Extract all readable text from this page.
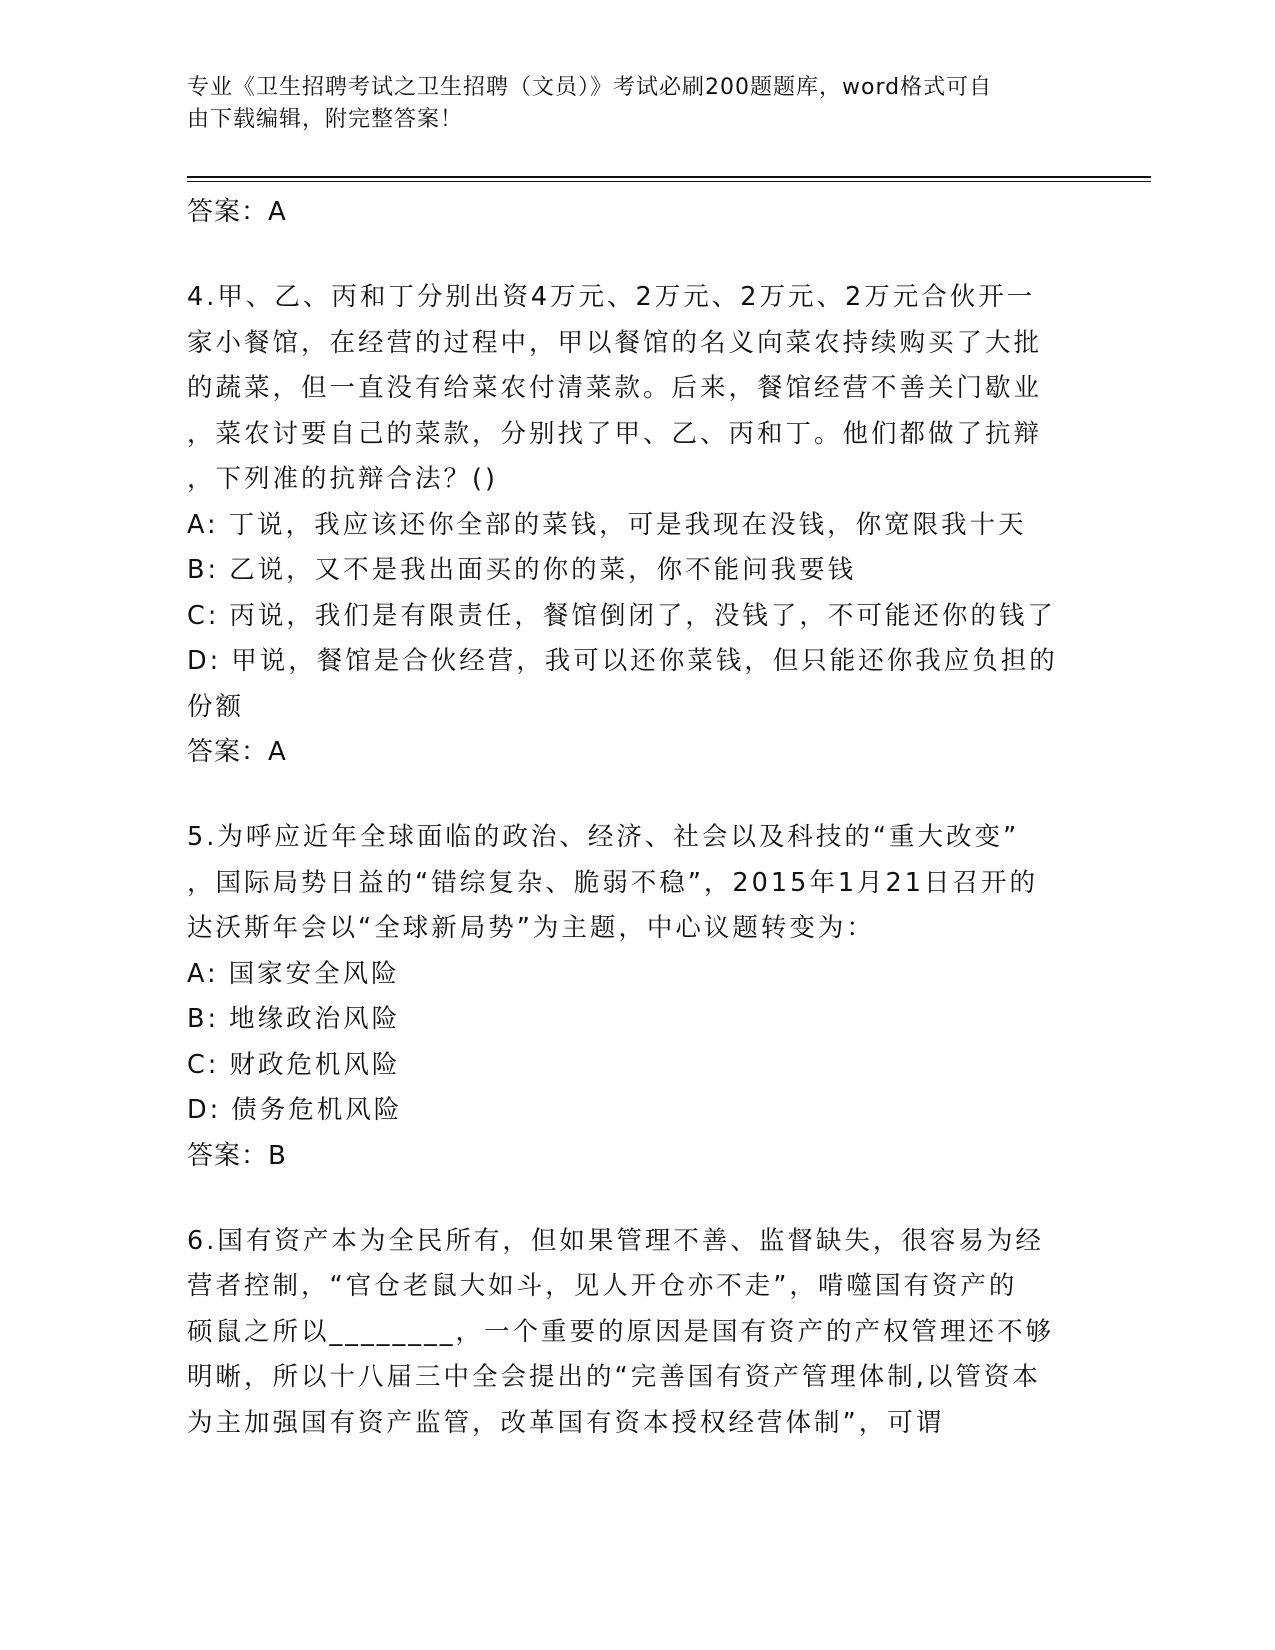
专业《卫生招聘考试之卫生招聘（文员）》考试必刷200题题库，word格式可自
由下载编辑，附完整答案！
答案：A
4.甲、乙、丙和丁分别出资4万元、2万元、2万元、2万元合伙开一
家小餐馆，在经营的过程中，甲以餐馆的名义向菜农持续购买了大批
的蔬菜，但一直没有给菜农付清菜款。后来，餐馆经营不善关门歇业
，菜农讨要自己的菜款，分别找了甲、乙、丙和丁。他们都做了抗辩
，下列准的抗辩合法？()
A: 丁说，我应该还你全部的菜钱，可是我现在没钱，你宽限我十天
B: 乙说，又不是我出面买的你的菜，你不能问我要钱
C: 丙说，我们是有限责任，餐馆倒闭了，没钱了，不可能还你的钱了
D: 甲说，餐馆是合伙经营，我可以还你菜钱，但只能还你我应负担的
份额
答案：A
5.为呼应近年全球面临的政治、经济、社会以及科技的“重大改变”
，国际局势日益的“错综复杂、脆弱不稳”，2015年1月21日召开的
达沃斯年会以“全球新局势”为主题，中心议题转变为：
A: 国家安全风险
B: 地缘政治风险
C: 财政危机风险
D: 债务危机风险
答案：B
6.国有资产本为全民所有，但如果管理不善、监督缺失，很容易为经
营者控制，“官仓老鼠大如斗，见人开仓亦不走”，啃噬国有资产的
硕鼠之所以________，一个重要的原因是国有资产的产权管理还不够
明晰，所以十八届三中全会提出的“完善国有资产管理体制,以管资本
为主加强国有资产监管，改革国有资本授权经营体制”，可谓
